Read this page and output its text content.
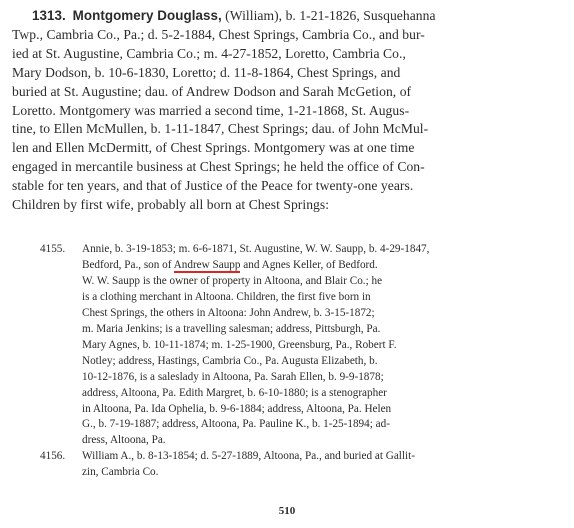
1313. Montgomery Douglass, (William), b. 1-21-1826, Susquehanna
Twp., Cambria Co., Pa.; d. 5-2-1884, Chest Springs, Cambria Co., and bur-
ied at St. Augustine, Cambria Co.; m. 4-27-1852, Loretto, Cambria Co.,
Mary Dodson, b. 10-6-1830, Loretto; d. 11-8-1864, Chest Springs, and
buried at St. Augustine; dau. of Andrew Dodson and Sarah McGetion, of
Loretto. Montgomery was married a second time, 1-21-1868, St. Augus-
tine, to Ellen McMullen, b. 1-11-1847, Chest Springs; dau. of John McMul-
len and Ellen McDermitt, of Chest Springs. Montgomery was at one time
engaged in mercantile business at Chest Springs; he held the office of Con-
stable for ten years, and that of Justice of the Peace for twenty-one years.
Children by first wife, probably all born at Chest Springs:
4155. Annie, b. 3-19-1853; m. 6-6-1871, St. Augustine, W. W. Saupp, b. 4-29-1847,
Bedford, Pa., son of Andrew Saupp and Agnes Keller, of Bedford.
W. W. Saupp is the owner of property in Altoona, and Blair Co.; he
is a clothing merchant in Altoona. Children, the first five born in
Chest Springs, the others in Altoona: John Andrew, b. 3-15-1872;
m. Maria Jenkins; is a travelling salesman; address, Pittsburgh, Pa.
Mary Agnes, b. 10-11-1874; m. 1-25-1900, Greensburg, Pa., Robert F.
Notley; address, Hastings, Cambria Co., Pa. Augusta Elizabeth, b.
10-12-1876, is a saleslady in Altoona, Pa. Sarah Ellen, b. 9-9-1878;
address, Altoona, Pa. Edith Margret, b. 6-10-1880; is a stenographer
in Altoona, Pa. Ida Ophelia, b. 9-6-1884; address, Altoona, Pa. Helen
G., b. 7-19-1887; address, Altoona, Pa. Pauline K., b. 1-25-1894; ad-
dress, Altoona, Pa.
4156. William A., b. 8-13-1854; d. 5-27-1889, Altoona, Pa., and buried at Gallit-
zin, Cambria Co.
510
